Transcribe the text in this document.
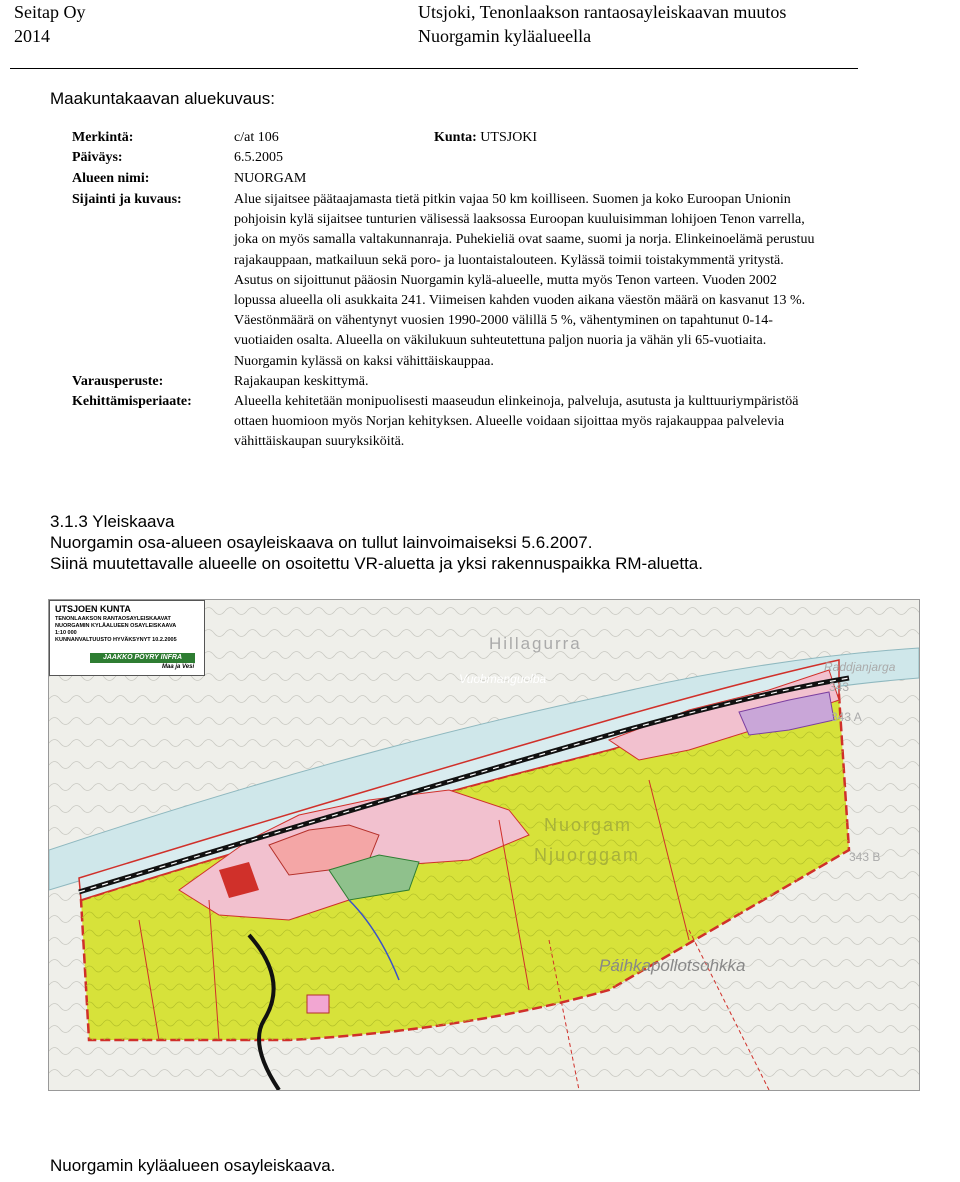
Seitap Oy
2014
Utsjoki, Tenonlaakson rantaosayleiskaavan muutos
Nuorgamin kyläalueella
Maakuntakaavan aluekuvaus:
Merkintä:	c/at 106	Kunta: UTSJOKI
Päiväys:	6.5.2005
Alueen nimi:	NUORGAM
Sijainti ja kuvaus:	Alue sijaitsee päätaajamasta tietä pitkin vajaa 50 km koilliseen. Suomen ja koko Euroopan Unionin
pohjoisin kylä sijaitsee tunturien välisessä laaksossa Euroopan kuuluisimman lohijoen Tenon varrella,
joka on myös samalla valtakunnanraja. Puhekieliä ovat saame, suomi ja norja. Elinkeinoelämä perustuu
rajakauppaan, matkailuun sekä poro- ja luontaistalouteen. Kylässä toimii toistakymmentä yritystä.
Asutus on sijoittunut pääosin Nuorgamin kylä-alueelle, mutta myös Tenon varteen. Vuoden 2002
lopussa alueella oli asukkaita 241. Viimeisen kahden vuoden aikana väestön määrä on kasvanut 13 %.
Väestönmäärä on vähentynyt vuosien 1990-2000 välillä 5 %, vähentyminen on tapahtunut 0-14-
vuotiaiden osalta. Alueella on väkilukuun suhteutettuna paljon nuoria ja vähän yli 65-vuotiaita.
Nuorgamin kylässä on kaksi vähittäiskauppaa.
Varausperuste:	Rajakaupan keskittymä.
Kehittämisperiaate:	Alueella kehitetään monipuolisesti maaseudun elinkeinoja, palveluja, asutusta ja kulttuuriympäristöä
ottaen huomioon myös Norjan kehityksen. Alueelle voidaan sijoittaa myös rajakauppaa palvelevia
vähittäiskaupan suuryksiköitä.
3.1.3 Yleiskaava
Nuorgamin osa-alueen osayleiskaava on tullut lainvoimaiseksi 5.6.2007.
Siinä muutettavalle alueelle on osoitettu VR-aluetta ja yksi rakennuspaikka RM-aluetta.
Hillagurra
Vuobmanguolba
Nuorgam
Njuorggam
Páihkapollotsohkka
Raddjanjarga
343
343 A
343 B
UTSJOEN KUNTA
TENONLAAKSON RANTAOSAYLEISKAAVAT
NUORGAMIN KYLÄALUEEN OSAYLEISKAAVA
1:10 000
KUNNANVALTUUSTO HYVÄKSYNYT 10.2.2005
JAAKKO PÖYRY INFRA
Maa ja Vesi
Nuorgamin kyläalueen osayleiskaava.
